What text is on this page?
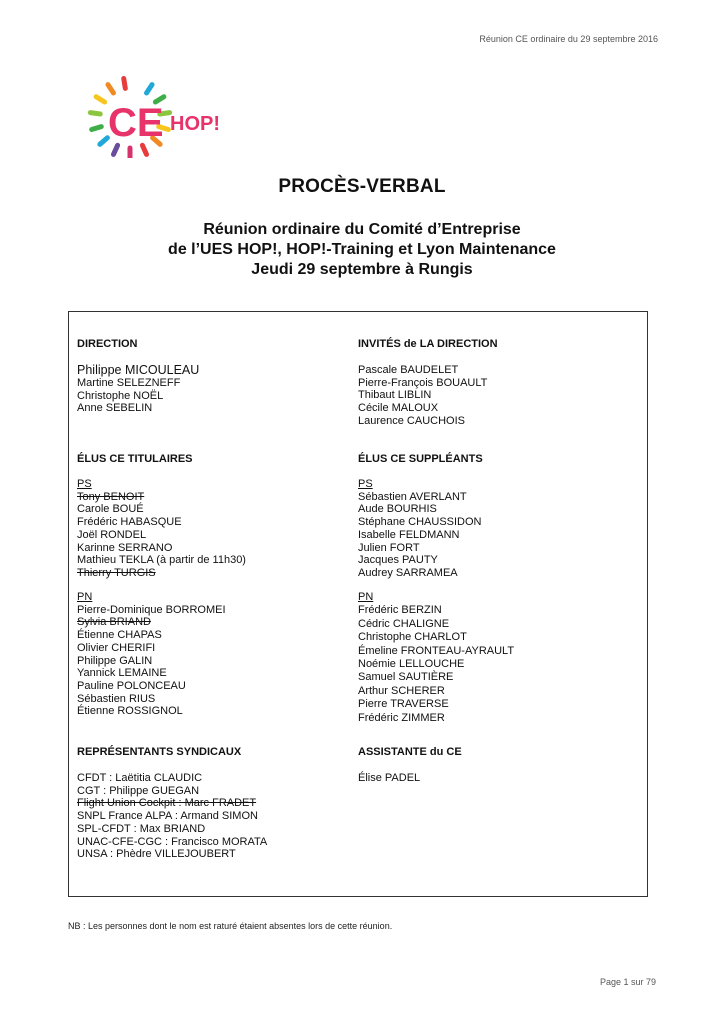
Réunion CE ordinaire du 29 septembre 2016
CE HOP!
PROCÈS-VERBAL
Réunion ordinaire du Comité d’Entreprise
de l’UES HOP!, HOP!-Training et Lyon Maintenance
Jeudi 29 septembre à Rungis
DIRECTION
Philippe MICOULEAU
Martine SELEZNEFF
Christophe NOËL
Anne SEBELIN
INVITÉS de LA DIRECTION
Pascale BAUDELET
Pierre-François BOUAULT
Thibaut LIBLIN
Cécile MALOUX
Laurence CAUCHOIS
ÉLUS CE TITULAIRES
PS
Tony BENOIT
Carole BOUÉ
Frédéric HABASQUE
Joël RONDEL
Karinne SERRANO
Mathieu TEKLA (à partir de 11h30)
Thierry TURGIS
PN
Pierre-Dominique BORROMEI
Sylvia BRIAND
Étienne CHAPAS
Olivier CHERIFI
Philippe GALIN
Yannick LEMAINE
Pauline POLONCEAU
Sébastien RIUS
Étienne ROSSIGNOL
ÉLUS CE SUPPLÉANTS
PS
Sébastien AVERLANT
Aude BOURHIS
Stéphane CHAUSSIDON
Isabelle FELDMANN
Julien FORT
Jacques PAUTY
Audrey SARRAMEA
PN
Frédéric BERZIN
Cédric CHALIGNE
Christophe CHARLOT
Émeline FRONTEAU-AYRAULT
Noémie LELLOUCHE
Samuel SAUTIÈRE
Arthur SCHERER
Pierre TRAVERSE
Frédéric ZIMMER
REPRÉSENTANTS SYNDICAUX
CFDT : Laëtitia CLAUDIC
CGT : Philippe GUEGAN
Flight Union Cockpit : Marc FRADET
SNPL France ALPA : Armand SIMON
SPL-CFDT : Max BRIAND
UNAC-CFE-CGC : Francisco MORATA
UNSA : Phèdre VILLEJOUBERT
ASSISTANTE du CE
Élise PADEL
NB : Les personnes dont le nom est raturé étaient absentes lors de cette réunion.
Page 1 sur 79
